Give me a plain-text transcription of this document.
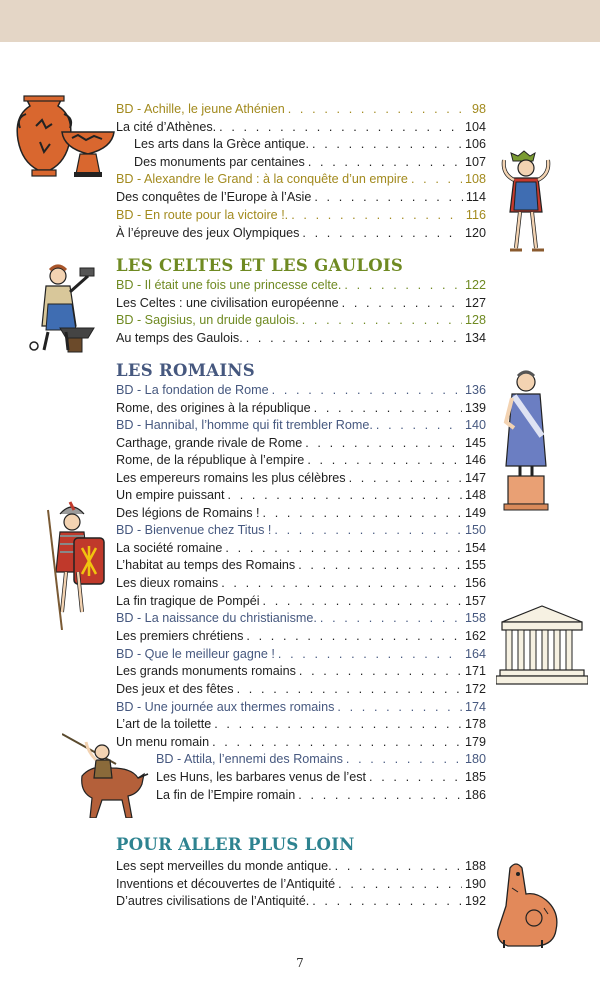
BD - Achille, le jeune Athénien . . .	98
La cité d’Athènes. . . .	104
Les arts dans la Grèce antique. . . .	106
Des monuments par centaines . . .	107
BD - Alexandre le Grand : à la conquête d’un empire . . .	108
Des conquêtes de l’Europe à l’Asie . . .	114
BD - En route pour la victoire !. . . .	116
À l’épreuve des jeux Olympiques . . .	120
LES CELTES ET LES GAULOIS
BD - Il était une fois une princesse celte. . . .	122
Les Celtes : une civilisation européenne . . .	127
BD - Sagisius, un druide gaulois. . . .	128
Au temps des Gaulois. . . .	134
LES ROMAINS
BD - La fondation de Rome . . .	136
Rome, des origines à la république . . .	139
BD - Hannibal, l’homme qui fit trembler Rome. . . .	140
Carthage, grande rivale de Rome . . .	145
Rome, de la république à l’empire . . .	146
Les empereurs romains les plus célèbres . . .	147
Un empire puissant . . .	148
Des légions de Romains ! . . .	149
BD - Bienvenue chez Titus ! . . .	150
La société romaine . . .	154
L’habitat au temps des Romains . . .	155
Les dieux romains . . .	156
La fin tragique de Pompéi . . .	157
BD - La naissance du christianisme. . . .	158
Les premiers chrétiens . . .	162
BD - Que le meilleur gagne ! . . .	164
Les grands monuments romains . . .	171
Des jeux et des fêtes . . .	172
BD - Une journée aux thermes romains . . .	174
L’art de la toilette . . .	178
Un menu romain . . .	179
BD - Attila, l’ennemi des Romains . . .	180
Les Huns, les barbares venus de l’est . . .	185
La fin de l’Empire romain . . .	186
POUR ALLER PLUS LOIN
Les sept merveilles du monde antique. . . .	188
Inventions et découvertes de l’Antiquité . . .	190
D’autres civilisations de l’Antiquité. . . .	192
7
